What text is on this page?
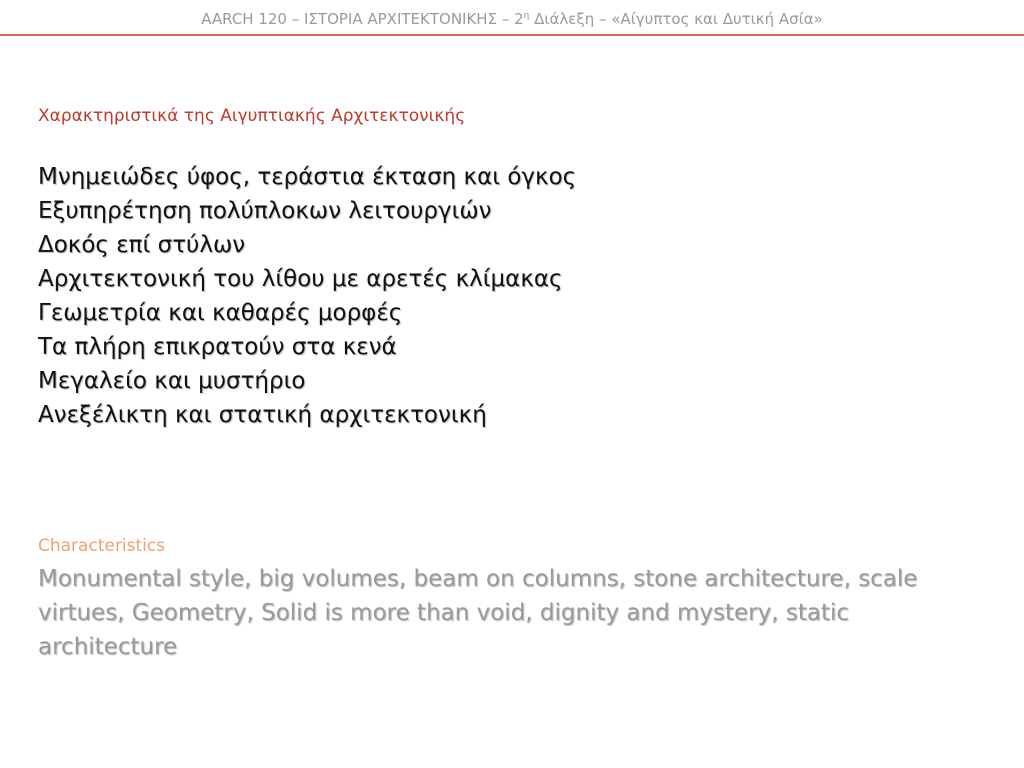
AARCH 120 – ΙΣΤΟΡΙΑ ΑΡΧΙΤΕΚΤΟΝΙΚΗΣ – $2^\eta$ Διάλεξη – «Αίγυπτος και Δυτική Ασία»
Χαρακτηριστικά της Αιγυπτιακής Αρχιτεκτονικής
Μνημειώδες ύφος, τεράστια έκταση και όγκος
Εξυπηρέτηση πολύπλοκων λειτουργιών
Δοκός επί στύλων
Αρχιτεκτονική του λίθου με αρετές κλίμακας
Γεωμετρία και καθαρές μορφές
Τα πλήρη επικρατούν στα κενά
Μεγαλείο και μυστήριο
Ανεξέλικτη και στατική αρχιτεκτονική
Characteristics
Monumental style, big volumes, beam on columns, stone architecture, scale virtues, Geometry, Solid is more than void, dignity and mystery, static architecture
